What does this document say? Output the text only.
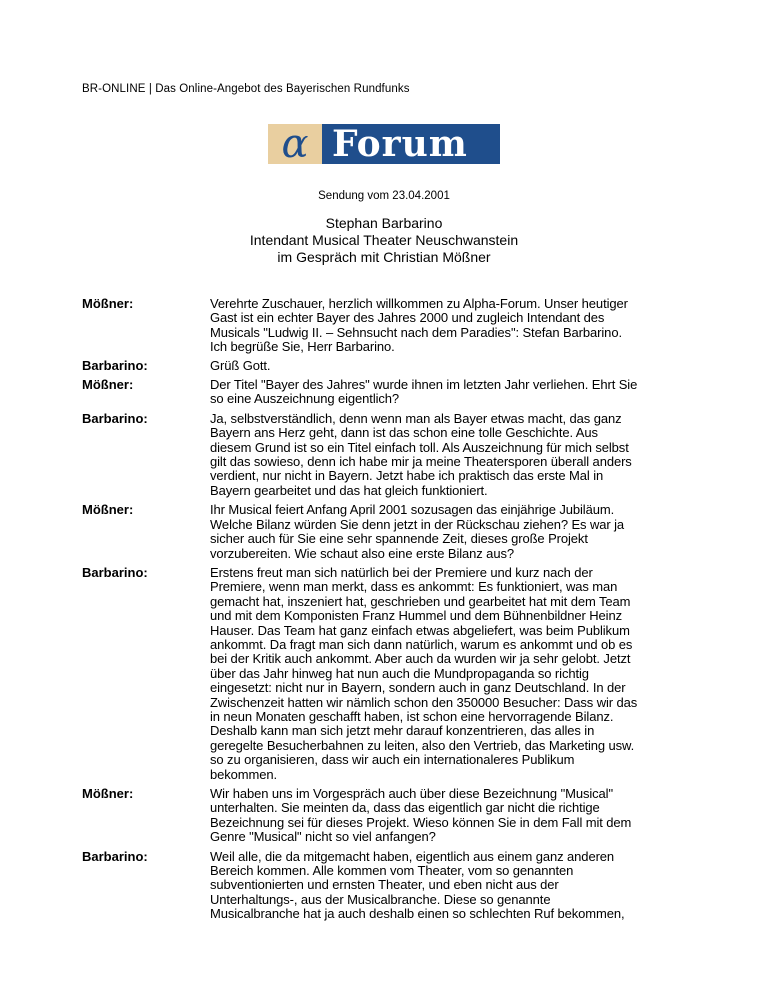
BR-ONLINE | Das Online-Angebot des Bayerischen Rundfunks
α Forum
Sendung vom 23.04.2001
Stephan Barbarino
Intendant Musical Theater Neuschwanstein
im Gespräch mit Christian Mößner
Mößner:	Verehrte Zuschauer, herzlich willkommen zu Alpha-Forum. Unser heutiger
Gast ist ein echter Bayer des Jahres 2000 und zugleich Intendant des
Musicals "Ludwig II. – Sehnsucht nach dem Paradies": Stefan Barbarino.
Ich begrüße Sie, Herr Barbarino.
Barbarino:	Grüß Gott.
Mößner:	Der Titel "Bayer des Jahres" wurde ihnen im letzten Jahr verliehen. Ehrt Sie
so eine Auszeichnung eigentlich?
Barbarino:	Ja, selbstverständlich, denn wenn man als Bayer etwas macht, das ganz
Bayern ans Herz geht, dann ist das schon eine tolle Geschichte. Aus
diesem Grund ist so ein Titel einfach toll. Als Auszeichnung für mich selbst
gilt das sowieso, denn ich habe mir ja meine Theatersporen überall anders
verdient, nur nicht in Bayern. Jetzt habe ich praktisch das erste Mal in
Bayern gearbeitet und das hat gleich funktioniert.
Mößner:	Ihr Musical feiert Anfang April 2001 sozusagen das einjährige Jubiläum.
Welche Bilanz würden Sie denn jetzt in der Rückschau ziehen? Es war ja
sicher auch für Sie eine sehr spannende Zeit, dieses große Projekt
vorzubereiten. Wie schaut also eine erste Bilanz aus?
Barbarino:	Erstens freut man sich natürlich bei der Premiere und kurz nach der
Premiere, wenn man merkt, dass es ankommt: Es funktioniert, was man
gemacht hat, inszeniert hat, geschrieben und gearbeitet hat mit dem Team
und mit dem Komponisten Franz Hummel und dem Bühnenbildner Heinz
Hauser. Das Team hat ganz einfach etwas abgeliefert, was beim Publikum
ankommt. Da fragt man sich dann natürlich, warum es ankommt und ob es
bei der Kritik auch ankommt. Aber auch da wurden wir ja sehr gelobt. Jetzt
über das Jahr hinweg hat nun auch die Mundpropaganda so richtig
eingesetzt: nicht nur in Bayern, sondern auch in ganz Deutschland. In der
Zwischenzeit hatten wir nämlich schon den 350000 Besucher: Dass wir das
in neun Monaten geschafft haben, ist schon eine hervorragende Bilanz.
Deshalb kann man sich jetzt mehr darauf konzentrieren, das alles in
geregelte Besucherbahnen zu leiten, also den Vertrieb, das Marketing usw.
so zu organisieren, dass wir auch ein internationaleres Publikum
bekommen.
Mößner:	Wir haben uns im Vorgespräch auch über diese Bezeichnung "Musical"
unterhalten. Sie meinten da, dass das eigentlich gar nicht die richtige
Bezeichnung sei für dieses Projekt. Wieso können Sie in dem Fall mit dem
Genre "Musical" nicht so viel anfangen?
Barbarino:	Weil alle, die da mitgemacht haben, eigentlich aus einem ganz anderen
Bereich kommen. Alle kommen vom Theater, vom so genannten
subventionierten und ernsten Theater, und eben nicht aus der
Unterhaltungs-, aus der Musicalbranche. Diese so genannte
Musicalbranche hat ja auch deshalb einen so schlechten Ruf bekommen,
